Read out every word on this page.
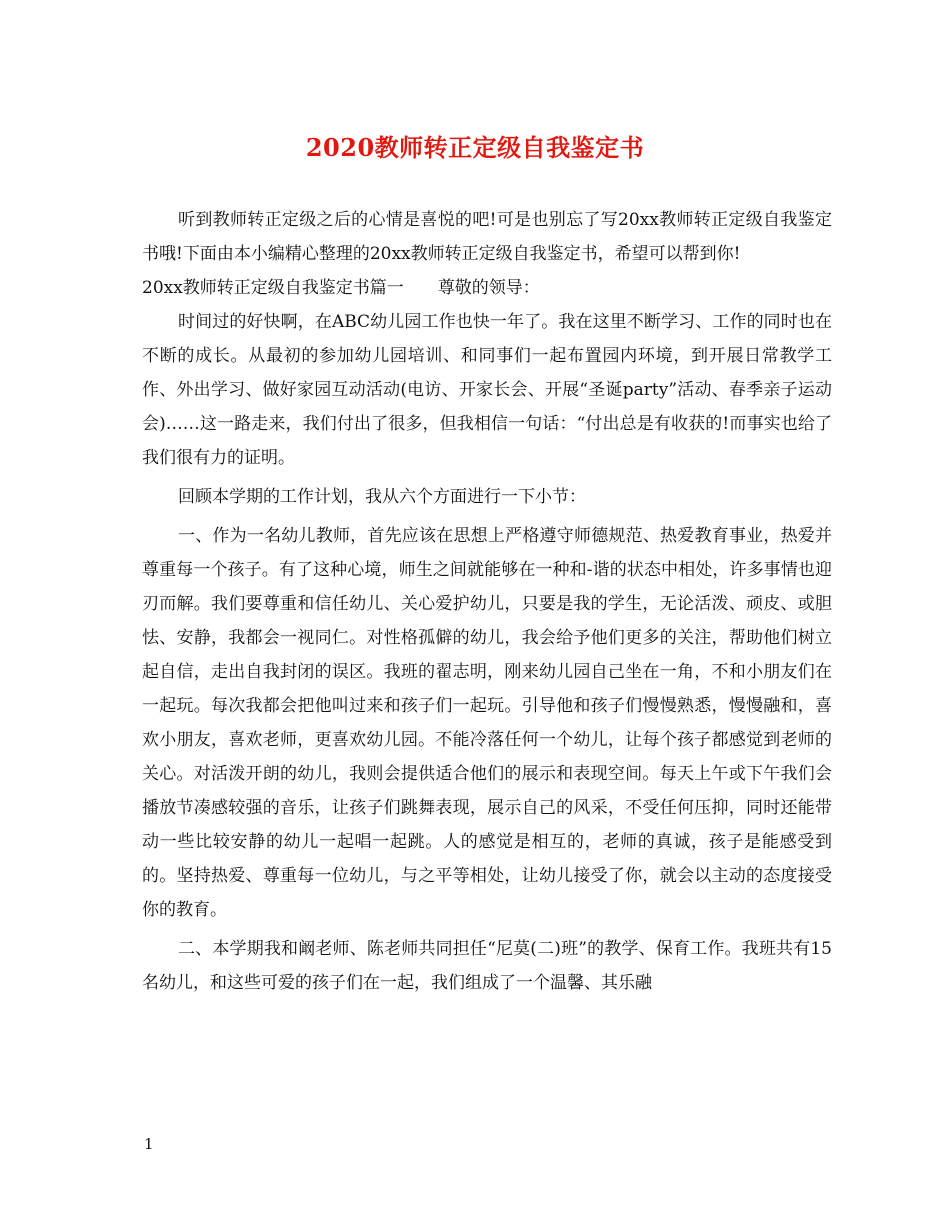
2020教师转正定级自我鉴定书

听到教师转正定级之后的心情是喜悦的吧!可是也别忘了写20xx教师转正定级自我鉴定书哦!下面由本小编精心整理的20xx教师转正定级自我鉴定书，希望可以帮到你!

20xx教师转正定级自我鉴定书篇一 尊敬的领导：

时间过的好快啊，在ABC幼儿园工作也快一年了。我在这里不断学习、工作的同时也在不断的成长。从最初的参加幼儿园培训、和同事们一起布置园内环境，到开展日常教学工作、外出学习、做好家园互动活动(电访、开家长会、开展“圣诞party”活动、春季亲子运动会)……这一路走来，我们付出了很多，但我相信一句话：“付出总是有收获的!而事实也给了我们很有力的证明。

回顾本学期的工作计划，我从六个方面进行一下小节：

一、作为一名幼儿教师，首先应该在思想上严格遵守师德规范、热爱教育事业，热爱并尊重每一个孩子。有了这种心境，师生之间就能够在一种和-谐的状态中相处，许多事情也迎刃而解。我们要尊重和信任幼儿、关心爱护幼儿，只要是我的学生，无论活泼、顽皮、或胆怯、安静，我都会一视同仁。对性格孤僻的幼儿，我会给予他们更多的关注，帮助他们树立起自信，走出自我封闭的误区。我班的翟志明，刚来幼儿园自己坐在一角，不和小朋友们在一起玩。每次我都会把他叫过来和孩子们一起玩。引导他和孩子们慢慢熟悉，慢慢融和，喜欢小朋友，喜欢老师，更喜欢幼儿园。不能冷落任何一个幼儿，让每个孩子都感觉到老师的关心。对活泼开朗的幼儿，我则会提供适合他们的展示和表现空间。每天上午或下午我们会播放节凑感较强的音乐，让孩子们跳舞表现，展示自己的风采，不受任何压抑，同时还能带动一些比较安静的幼儿一起唱一起跳。人的感觉是相互的，老师的真诚，孩子是能感受到的。坚持热爱、尊重每一位幼儿，与之平等相处，让幼儿接受了你，就会以主动的态度接受你的教育。

二、本学期我和阚老师、陈老师共同担任“尼莫(二)班”的教学、保育工作。我班共有15名幼儿，和这些可爱的孩子们在一起，我们组成了一个温馨、其乐融

1
